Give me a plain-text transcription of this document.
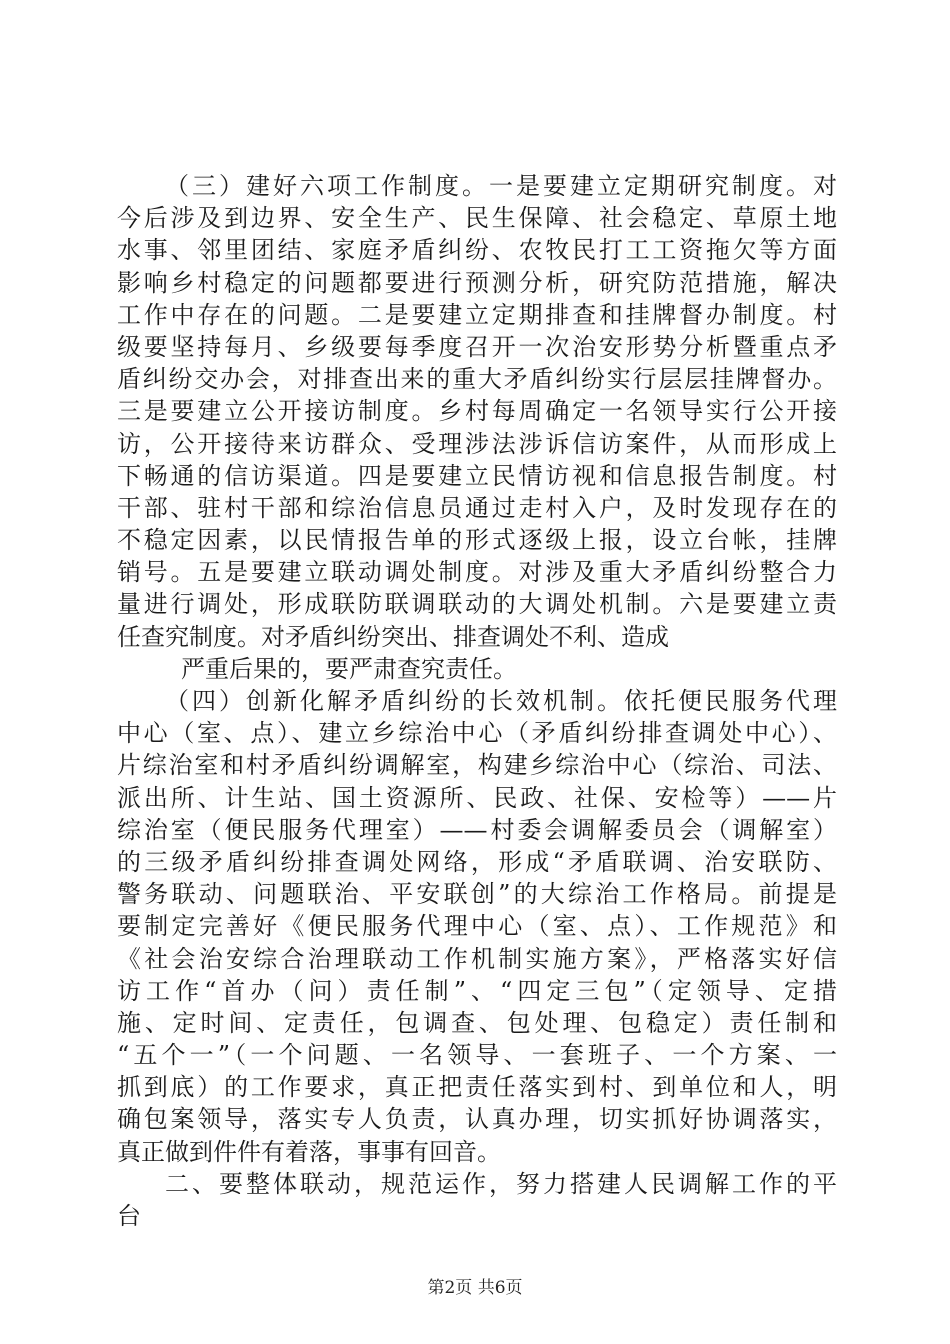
（三）建好六项工作制度。一是要建立定期研究制度。对
今后涉及到边界、安全生产、民生保障、社会稳定、草原土地
水事、邻里团结、家庭矛盾纠纷、农牧民打工工资拖欠等方面
影响乡村稳定的问题都要进行预测分析，研究防范措施，解决
工作中存在的问题。二是要建立定期排查和挂牌督办制度。村
级要坚持每月、乡级要每季度召开一次治安形势分析暨重点矛
盾纠纷交办会，对排查出来的重大矛盾纠纷实行层层挂牌督办。
三是要建立公开接访制度。乡村每周确定一名领导实行公开接
访，公开接待来访群众、受理涉法涉诉信访案件，从而形成上
下畅通的信访渠道。四是要建立民情访视和信息报告制度。村
干部、驻村干部和综治信息员通过走村入户，及时发现存在的
不稳定因素，以民情报告单的形式逐级上报，设立台帐，挂牌
销号。五是要建立联动调处制度。对涉及重大矛盾纠纷整合力
量进行调处，形成联防联调联动的大调处机制。六是要建立责
任查究制度。对矛盾纠纷突出、排查调处不利、造成
严重后果的，要严肃查究责任。
（四）创新化解矛盾纠纷的长效机制。依托便民服务代理
中心（室、点）、建立乡综治中心（矛盾纠纷排查调处中心）、
片综治室和村矛盾纠纷调解室，构建乡综治中心（综治、司法、
派出所、计生站、国土资源所、民政、社保、安检等）——片
综治室（便民服务代理室）——村委会调解委员会（调解室）
的三级矛盾纠纷排查调处网络，形成“矛盾联调、治安联防、
警务联动、问题联治、平安联创”的大综治工作格局。前提是
要制定完善好《便民服务代理中心（室、点）、工作规范》和
《社会治安综合治理联动工作机制实施方案》，严格落实好信
访工作“首办（问）责任制”、“四定三包”（定领导、定措
施、定时间、定责任，包调查、包处理、包稳定）责任制和
“五个一”（一个问题、一名领导、一套班子、一个方案、一
抓到底）的工作要求，真正把责任落实到村、到单位和人，明
确包案领导，落实专人负责，认真办理，切实抓好协调落实，
真正做到件件有着落，事事有回音。
二、要整体联动，规范运作，努力搭建人民调解工作的平
台
第2页 共6页
